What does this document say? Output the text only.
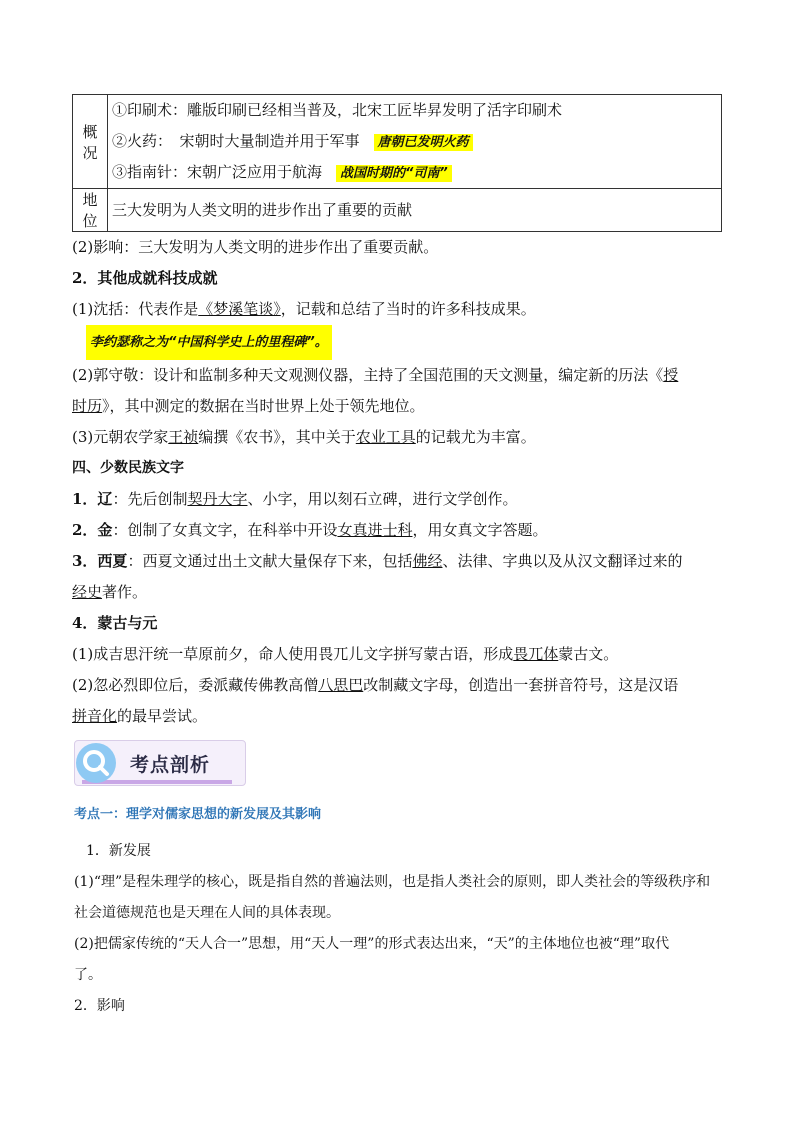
概况	①印刷术：雕版印刷已经相当普及，北宋工匠毕昇发明了活字印刷术
②火药：　宋朝时大量制造并用于军事 唐朝已发明火药
③指南针：宋朝广泛应用于航海 战国时期的“司南”

地位	三大发明为人类文明的进步作出了重要的贡献

(2)影响：三大发明为人类文明的进步作出了重要贡献。

2．其他成就科技成就

(1)沈括：代表作是《梦溪笔谈》，记载和总结了当时的许多科技成果。

李约瑟称之为“中国科学史上的里程碑”。

(2)郭守敬：设计和监制多种天文观测仪器，主持了全国范围的天文测量，编定新的历法《授
时历》，其中测定的数据在当时世界上处于领先地位。

(3)元朝农学家王祯编撰《农书》，其中关于农业工具的记载尤为丰富。

四、少数民族文字

1．辽：先后创制契丹大字、小字，用以刻石立碑，进行文学创作。

2．金：创制了女真文字，在科举中开设女真进士科，用女真文字答题。

3．西夏：西夏文通过出土文献大量保存下来，包括佛经、法律、字典以及从汉文翻译过来的
经史著作。

4．蒙古与元

(1)成吉思汗统一草原前夕，命人使用畏兀儿文字拼写蒙古语，形成畏兀体蒙古文。

(2)忽必烈即位后，委派藏传佛教高僧八思巴改制藏文字母，创造出一套拼音符号，这是汉语
拼音化的最早尝试。

考点剖析
考点一：理学对儒家思想的新发展及其影响

1．新发展

(1)“理”是程朱理学的核心，既是指自然的普遍法则，也是指人类社会的原则，即人类社会的等级秩序和

社会道德规范也是天理在人间的具体表现。

(2)把儒家传统的“天人合一”思想，用“天人一理”的形式表达出来，“天”的主体地位也被“理”取代

了。

2．影响
